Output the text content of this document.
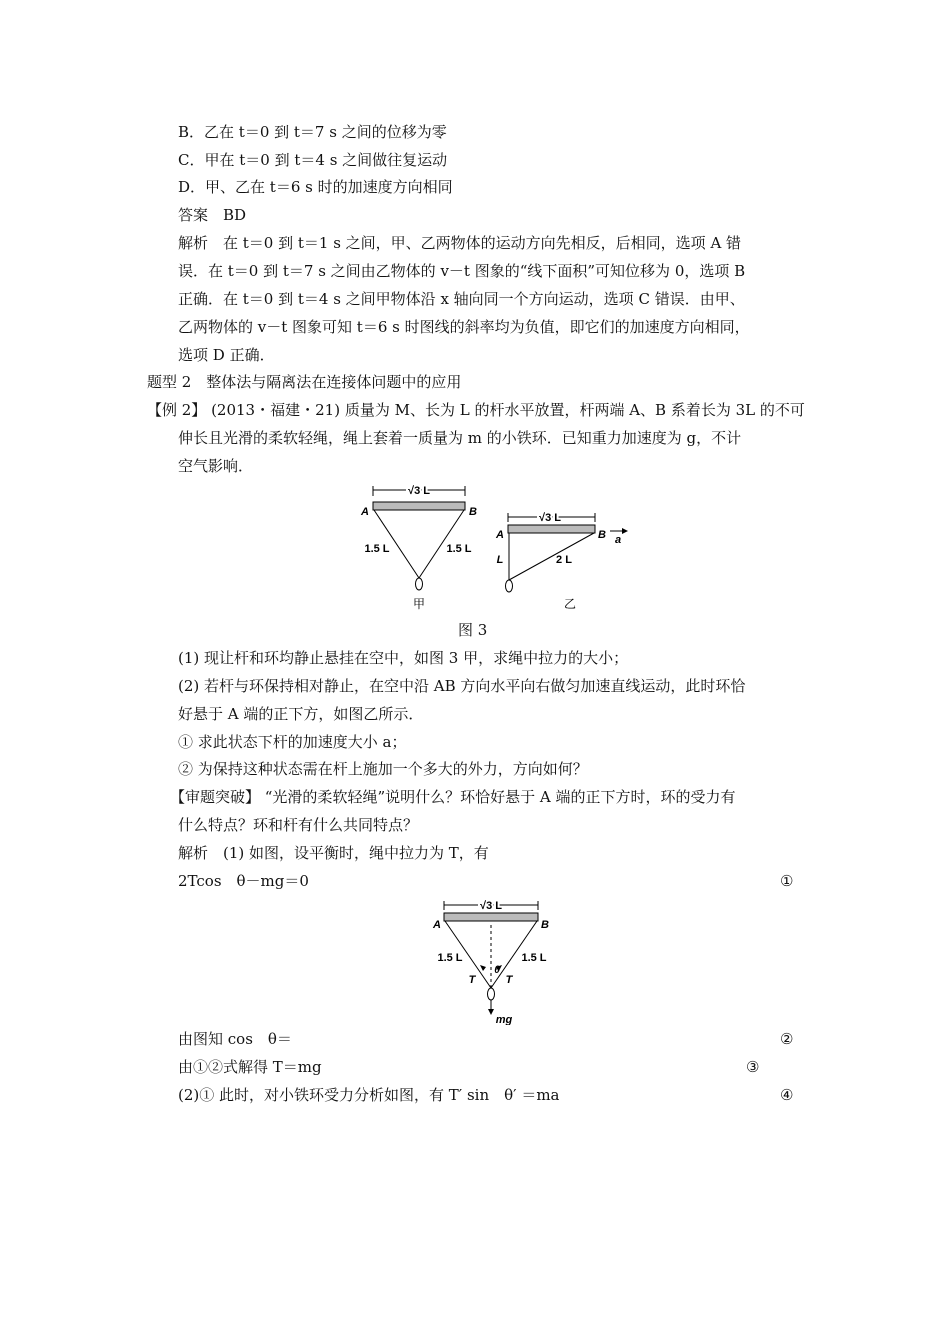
B．乙在 t＝0 到 t＝7 s 之间的位移为零
C．甲在 t＝0 到 t＝4 s 之间做往复运动
D．甲、乙在 t＝6 s 时的加速度方向相同
答案　BD
解析　在 t＝0 到 t＝1 s 之间，甲、乙两物体的运动方向先相反，后相同，选项 A 错
误．在 t＝0 到 t＝7 s 之间由乙物体的 v－t 图象的“线下面积”可知位移为 0，选项 B
正确．在 t＝0 到 t＝4 s 之间甲物体沿 x 轴向同一个方向运动，选项 C 错误．由甲、
乙两物体的 v－t 图象可知 t＝6 s 时图线的斜率均为负值，即它们的加速度方向相同，
选项 D 正确．
题型 2　整体法与隔离法在连接体问题中的应用
【例 2】 (2013・福建・21) 质量为 M、长为 L 的杆水平放置，杆两端 A、B 系着长为 3L 的不可
伸长且光滑的柔软轻绳，绳上套着一质量为 m 的小铁环．已知重力加速度为 g，不计
空气影响．
√3 L
A	B
1.5 L	1.5 L
甲
√3 L
A	B a
L	2 L
乙
图 3
(1) 现让杆和环均静止悬挂在空中，如图 3 甲，求绳中拉力的大小；
(2) 若杆与环保持相对静止，在空中沿 AB 方向水平向右做匀加速直线运动，此时环恰
好悬于 A 端的正下方，如图乙所示．
① 求此状态下杆的加速度大小 a；
② 为保持这种状态需在杆上施加一个多大的外力，方向如何？
【审题突破】 “光滑的柔软轻绳”说明什么？环恰好悬于 A 端的正下方时，环的受力有
什么特点？环和杆有什么共同特点？
解析　(1) 如图，设平衡时，绳中拉力为 T，有
2Tcos　θ－mg＝0	①
√3 L
A	B
1.5 L	1.5 L
T	T
θ
mg
由图知 cos　θ＝	②
由①②式解得 T＝mg	③
(2)① 此时，对小铁环受力分析如图，有 T′ sin　θ′ ＝ma	④
